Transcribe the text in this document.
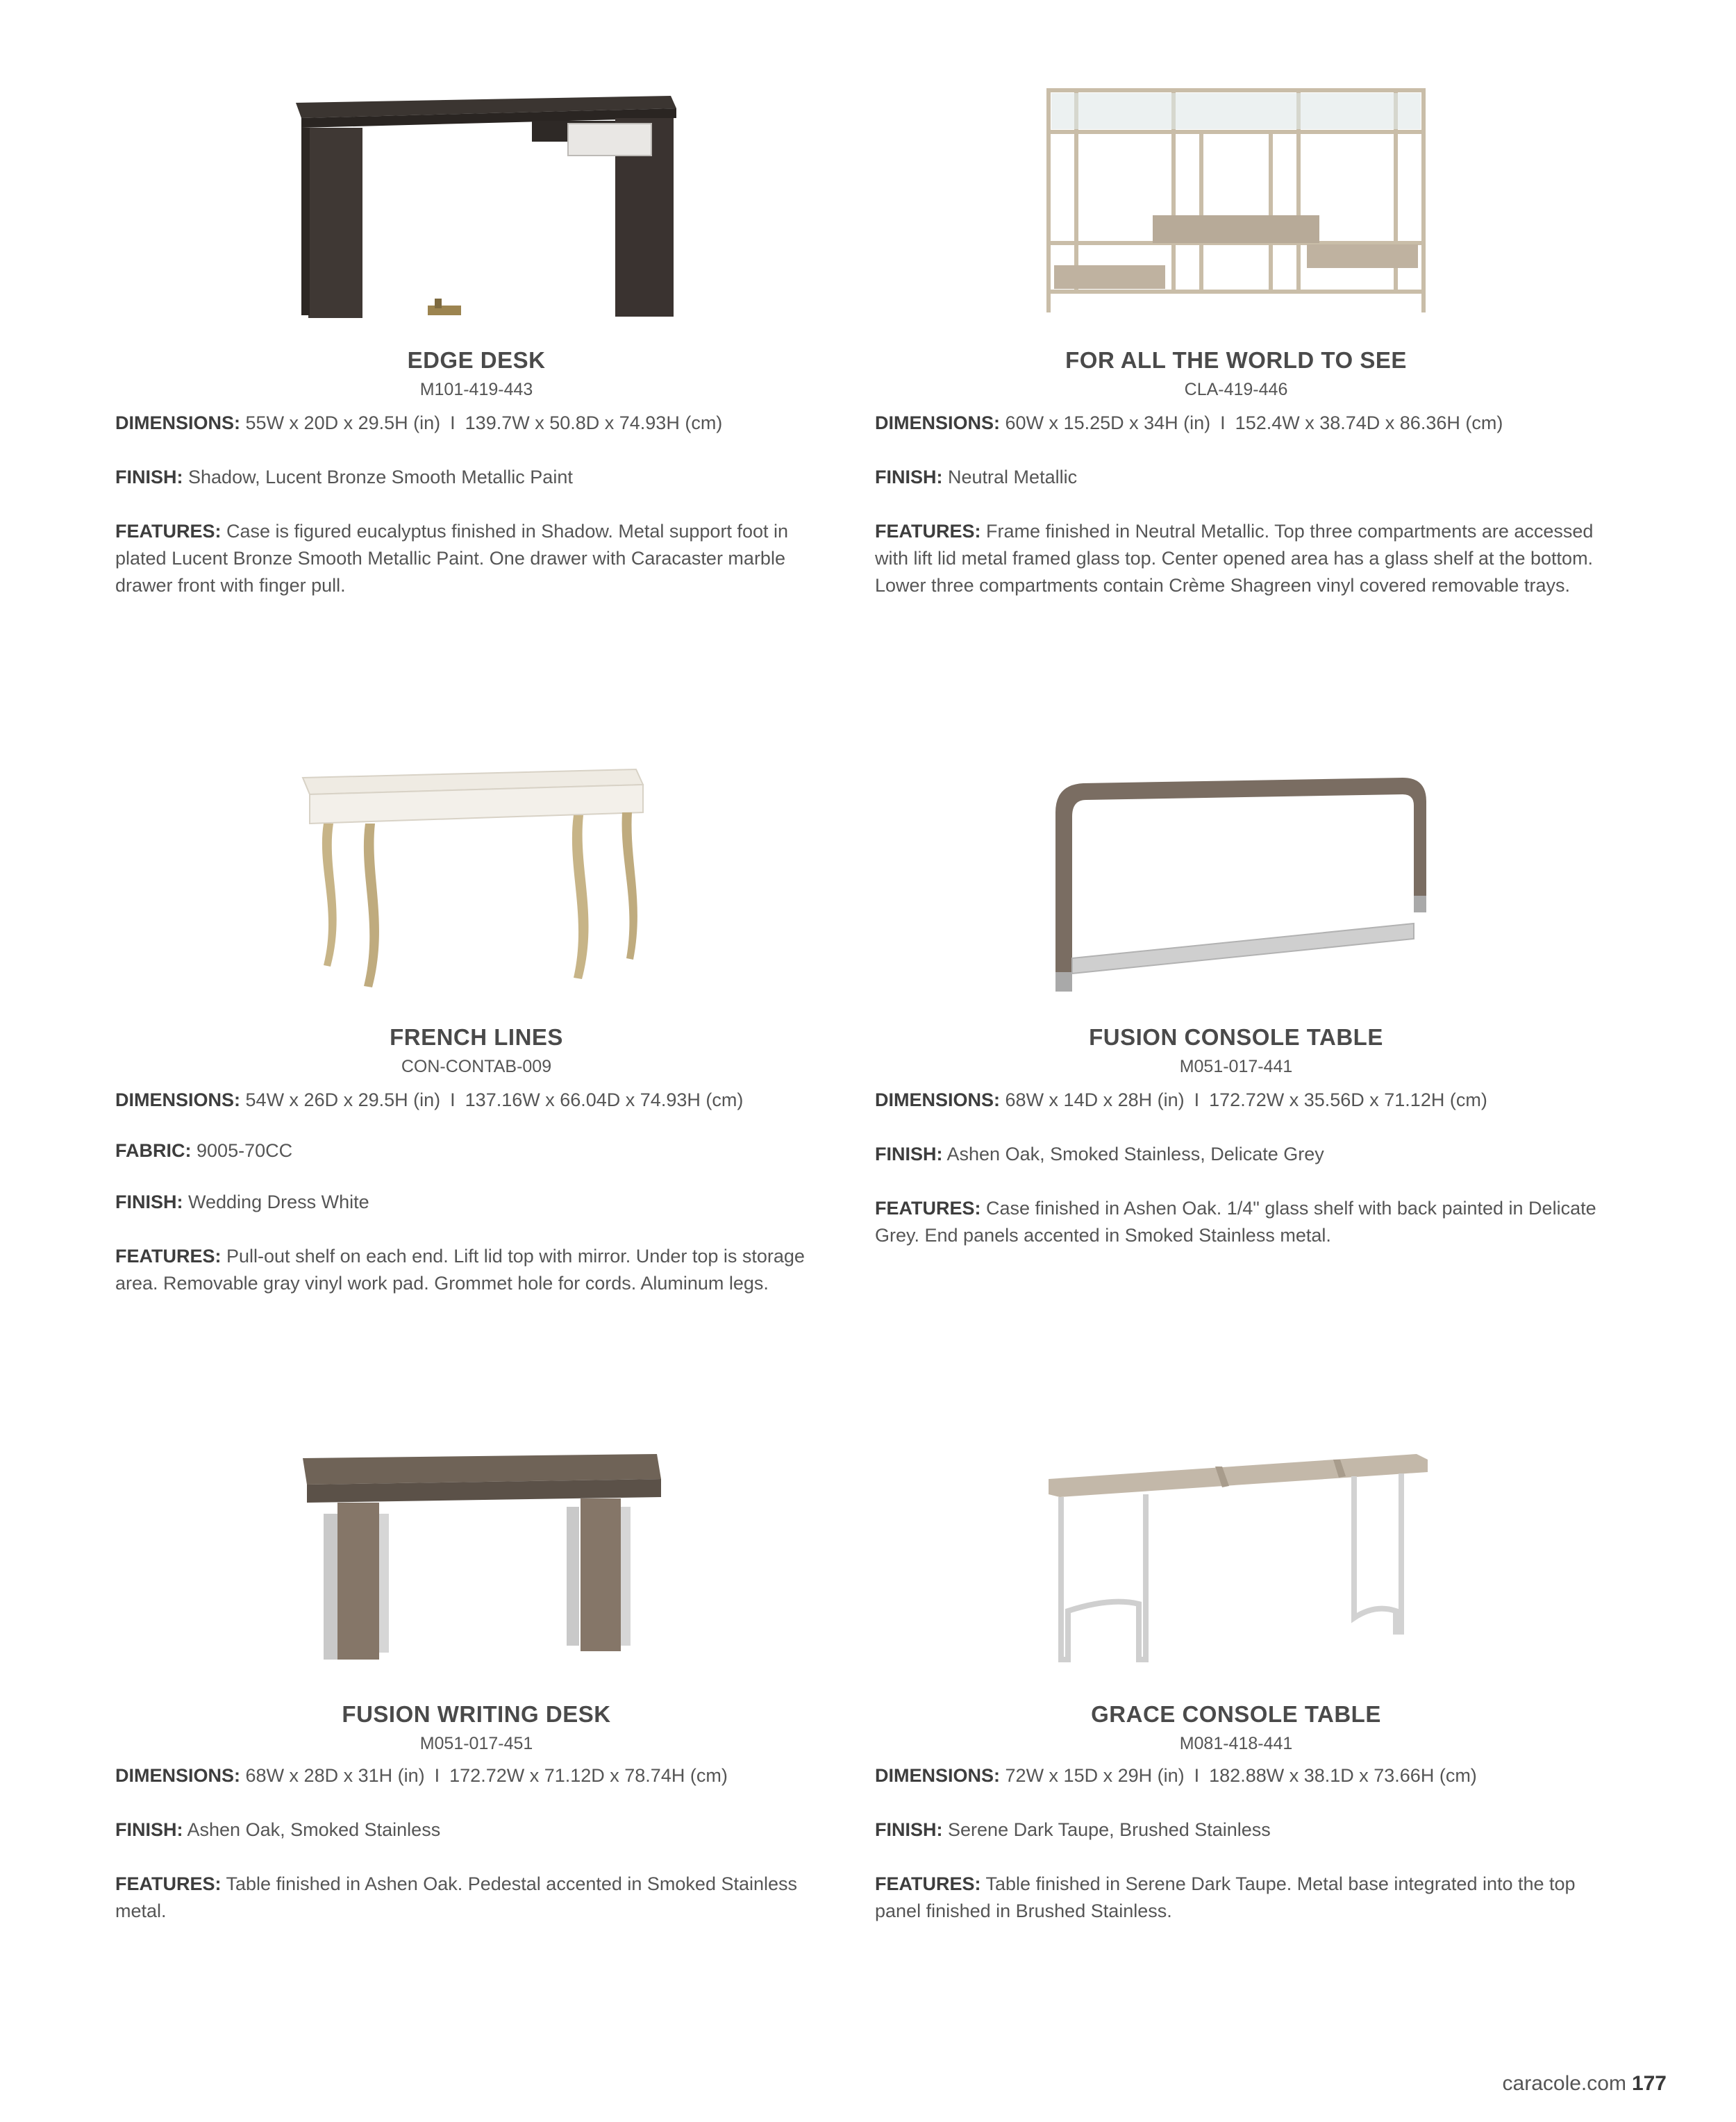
EDGE DESK
M101-419-443
DIMENSIONS: 55W x 20D x 29.5H (in) I 139.7W x 50.8D x 74.93H (cm)
FINISH: Shadow, Lucent Bronze Smooth Metallic Paint
FEATURES: Case is figured eucalyptus finished in Shadow. Metal support foot in plated Lucent Bronze Smooth Metallic Paint. One drawer with Caracaster marble drawer front with finger pull.
FOR ALL THE WORLD TO SEE
CLA-419-446
DIMENSIONS: 60W x 15.25D x 34H (in) I 152.4W x 38.74D x 86.36H (cm)
FINISH: Neutral Metallic
FEATURES: Frame finished in Neutral Metallic. Top three compartments are accessed with lift lid metal framed glass top. Center opened area has a glass shelf at the bottom. Lower three compartments contain Crème Shagreen vinyl covered removable trays.
FRENCH LINES
CON-CONTAB-009
DIMENSIONS: 54W x 26D x 29.5H (in) I 137.16W x 66.04D x 74.93H (cm)
FABRIC: 9005-70CC
FINISH: Wedding Dress White
FEATURES: Pull-out shelf on each end. Lift lid top with mirror. Under top is storage area. Removable gray vinyl work pad. Grommet hole for cords. Aluminum legs.
FUSION CONSOLE TABLE
M051-017-441
DIMENSIONS: 68W x 14D x 28H (in) I 172.72W x 35.56D x 71.12H (cm)
FINISH: Ashen Oak, Smoked Stainless, Delicate Grey
FEATURES: Case finished in Ashen Oak. 1/4" glass shelf with back painted in Delicate Grey. End panels accented in Smoked Stainless metal.
FUSION WRITING DESK
M051-017-451
DIMENSIONS: 68W x 28D x 31H (in) I 172.72W x 71.12D x 78.74H (cm)
FINISH: Ashen Oak, Smoked Stainless
FEATURES: Table finished in Ashen Oak. Pedestal accented in Smoked Stainless metal.
GRACE CONSOLE TABLE
M081-418-441
DIMENSIONS: 72W x 15D x 29H (in) I 182.88W x 38.1D x 73.66H (cm)
FINISH: Serene Dark Taupe, Brushed Stainless
FEATURES: Table finished in Serene Dark Taupe. Metal base integrated into the top panel finished in Brushed Stainless.
caracole.com 177
